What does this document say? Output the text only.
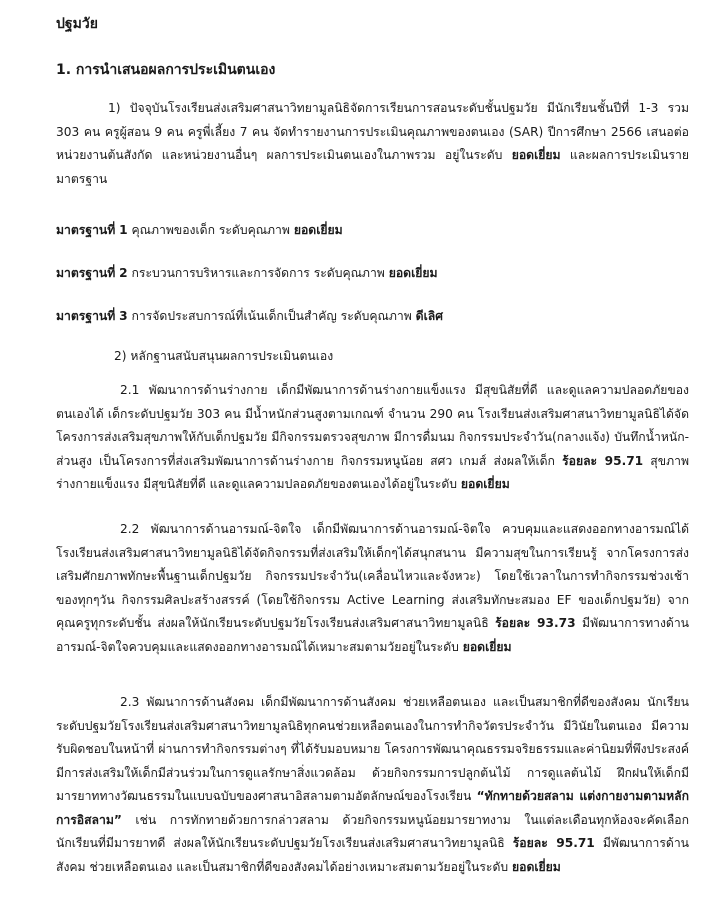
ปฐมวัย

1. การนำเสนอผลการประเมินตนเอง

1) ปัจจุบันโรงเรียนส่งเสริมศาสนาวิทยามูลนิธิจัดการเรียนการสอนระดับชั้นปฐมวัย มีนักเรียนชั้นปีที่ 1-3 รวม 303 คน ครูผู้สอน 9 คน ครูพี่เลี้ยง 7 คน จัดทำรายงานการประเมินคุณภาพของตนเอง (SAR) ปีการศึกษา 2566 เสนอต่อหน่วยงานต้นสังกัด และหน่วยงานอื่นๆ ผลการประเมินตนเองในภาพรวม อยู่ในระดับ ยอดเยี่ยม และผลการประเมินรายมาตรฐาน

มาตรฐานที่ 1 คุณภาพของเด็ก ระดับคุณภาพ ยอดเยี่ยม

มาตรฐานที่ 2 กระบวนการบริหารและการจัดการ ระดับคุณภาพ ยอดเยี่ยม

มาตรฐานที่ 3 การจัดประสบการณ์ที่เน้นเด็กเป็นสำคัญ ระดับคุณภาพ ดีเลิศ

2) หลักฐานสนับสนุนผลการประเมินตนเอง

2.1 พัฒนาการด้านร่างกาย เด็กมีพัฒนาการด้านร่างกายแข็งแรง มีสุขนิสัยที่ดี และดูแลความปลอดภัยของตนเองได้ เด็กระดับปฐมวัย 303 คน มีน้ำหนักส่วนสูงตามเกณฑ์ จำนวน 290 คน โรงเรียนส่งเสริมศาสนาวิทยามูลนิธิได้จัดโครงการส่งเสริมสุขภาพให้กับเด็กปฐมวัย มีกิจกรรมตรวจสุขภาพ มีการดื่มนม กิจกรรมประจำวัน(กลางแจ้ง) บันทึกน้ำหนัก-ส่วนสูง เป็นโครงการที่ส่งเสริมพัฒนาการด้านร่างกาย กิจกรรมหนูน้อย สศว เกมส์ ส่งผลให้เด็ก ร้อยละ 95.71 สุขภาพร่างกายแข็งแรง มีสุขนิสัยที่ดี และดูแลความปลอดภัยของตนเองได้อยู่ในระดับ ยอดเยี่ยม

2.2 พัฒนาการด้านอารมณ์-จิตใจ เด็กมีพัฒนาการด้านอารมณ์-จิตใจ ควบคุมและแสดงออกทางอารมณ์ได้ โรงเรียนส่งเสริมศาสนาวิทยามูลนิธิได้จัดกิจกรรมที่ส่งเสริมให้เด็กๆได้สนุกสนาน มีความสุขในการเรียนรู้ จากโครงการส่งเสริมศักยภาพทักษะพื้นฐานเด็กปฐมวัย กิจกรรมประจำวัน(เคลื่อนไหวและจังหวะ) โดยใช้เวลาในการทำกิจกรรมช่วงเช้าของทุกๆวัน กิจกรรมศิลปะสร้างสรรค์ (โดยใช้กิจกรรม Active Learning ส่งเสริมทักษะสมอง EF ของเด็กปฐมวัย) จากคุณครูทุกระดับชั้น ส่งผลให้นักเรียนระดับปฐมวัยโรงเรียนส่งเสริมศาสนาวิทยามูลนิธิ ร้อยละ 93.73 มีพัฒนาการทางด้านอารมณ์-จิตใจควบคุมและแสดงออกทางอารมณ์ได้เหมาะสมตามวัยอยู่ในระดับ ยอดเยี่ยม

2.3 พัฒนาการด้านสังคม เด็กมีพัฒนาการด้านสังคม ช่วยเหลือตนเอง และเป็นสมาชิกที่ดีของสังคม นักเรียนระดับปฐมวัยโรงเรียนส่งเสริมศาสนาวิทยามูลนิธิทุกคนช่วยเหลือตนเองในการทำกิจวัตรประจำวัน มีวินัยในตนเอง มีความรับผิดชอบในหน้าที่ ผ่านการทำกิจกรรมต่างๆ ที่ได้รับมอบหมาย โครงการพัฒนาคุณธรรมจริยธรรมและค่านิยมที่พึงประสงค์ มีการส่งเสริมให้เด็กมีส่วนร่วมในการดูแลรักษาสิ่งแวดล้อม ด้วยกิจกรรมการปลูกต้นไม้ การดูแลต้นไม้ ฝึกฝนให้เด็กมีมารยาททางวัฒนธรรมในแบบฉบับของศาสนาอิสลามตามอัตลักษณ์ของโรงเรียน “ทักทายด้วยสลาม แต่งกายงามตามหลักการอิสลาม” เช่น การทักทายด้วยการกล่าวสลาม ด้วยกิจกรรมหนูน้อยมารยาทงาม ในแต่ละเดือนทุกห้องจะคัดเลือกนักเรียนที่มีมารยาทดี ส่งผลให้นักเรียนระดับปฐมวัยโรงเรียนส่งเสริมศาสนาวิทยามูลนิธิ ร้อยละ 95.71 มีพัฒนาการด้านสังคม ช่วยเหลือตนเอง และเป็นสมาชิกที่ดีของสังคมได้อย่างเหมาะสมตามวัยอยู่ในระดับ ยอดเยี่ยม
